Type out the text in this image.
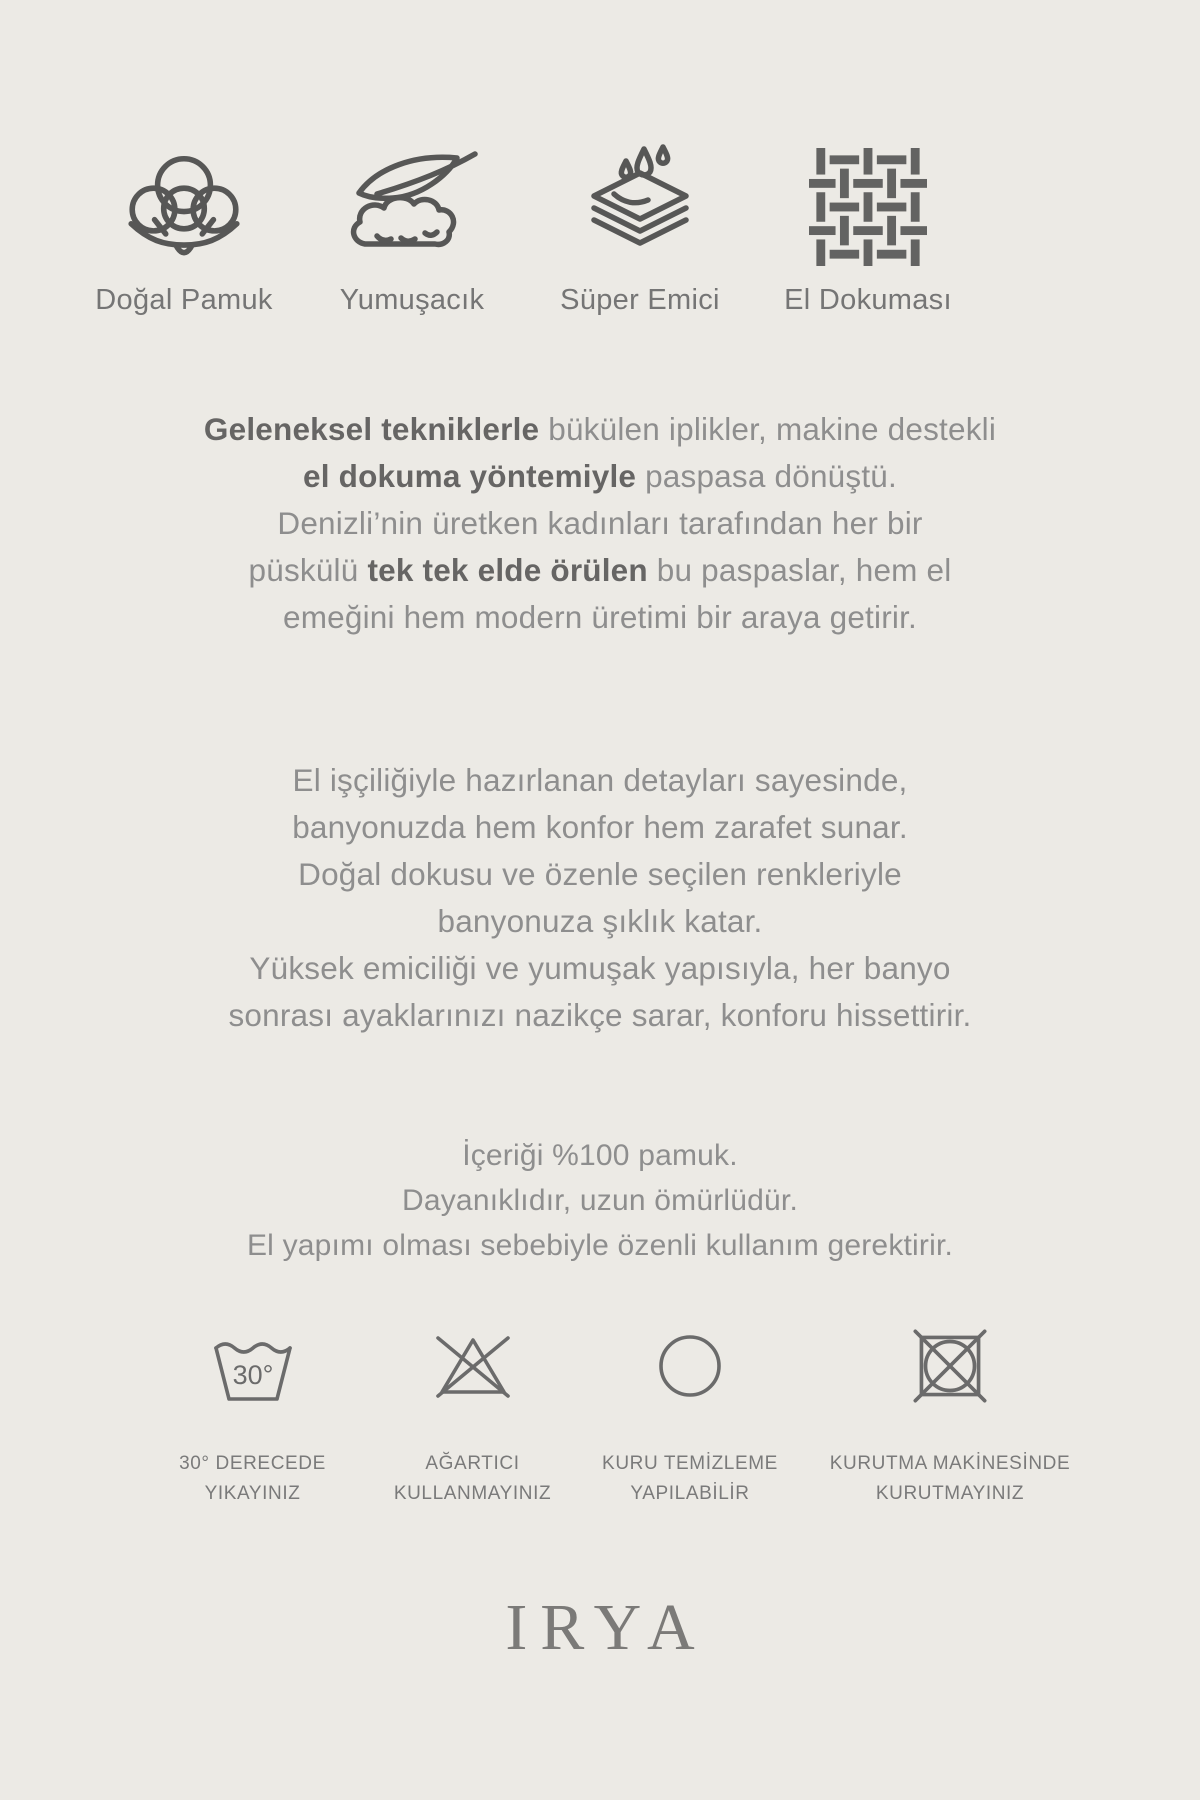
Doğal Pamuk Yumuşacık	Süper Emici El Dokuması

Geleneksel tekniklerle bükülen iplikler, makine destekli

el dokuma yöntemiyle paspasa dönüştü.

Denizli’nin üretken kadınları tarafından her bir

püskülü tek tek elde örülen bu paspaslar, hem el

emeğini hem modern üretimi bir araya getirir.

El işçiliğiyle hazırlanan detayları sayesinde,

banyonuzda hem konfor hem zarafet sunar.

Doğal dokusu ve özenle seçilen renkleriyle

banyonuza şıklık katar.

Yüksek emiciliği ve yumuşak yapısıyla, her banyo

sonrası ayaklarınızı nazikçe sarar, konforu hissettirir.

İçeriği %100 pamuk.

Dayanıklıdır, uzun ömürlüdür.

El yapımı olması sebebiyle özenli kullanım gerektirir.

30°
30° DERECEDE
YIKAYINIZ
AĞARTICI
KULLANMAYINIZ
KURU TEMİZLEME
YAPILABİLİR
KURUTMA MAKİNESİNDE
KURUTMAYINIZ
IRYA
